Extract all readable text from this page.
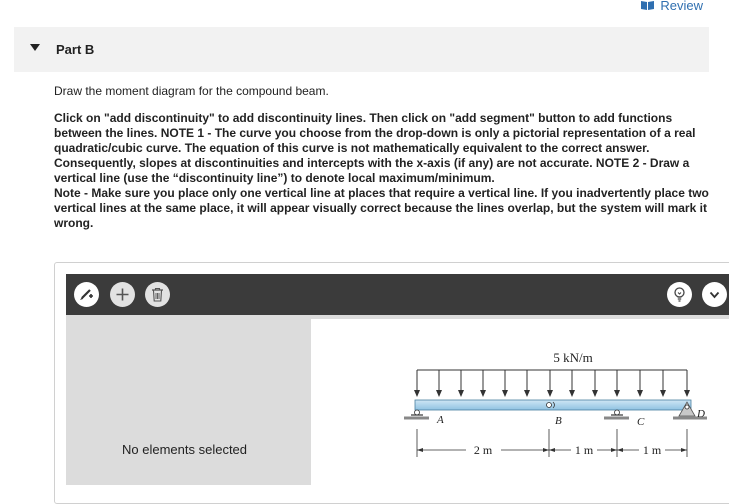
Review
Part B

Draw the moment diagram for the compound beam.

Click on "add discontinuity" to add discontinuity lines. Then click on "add segment" button to add functions between the lines. NOTE 1 - The curve you choose from the drop-down is only a pictorial representation of a real quadratic/cubic curve. The equation of this curve is not mathematically equivalent to the correct answer. Consequently, slopes at discontinuities and intercepts with the x-axis (if any) are not accurate. NOTE 2 - Draw a vertical line (use the “discontinuity line”) to denote local maximum/minimum.

Note - Make sure you place only one vertical line at places that require a vertical line. If you inadvertently place two vertical lines at the same place, it will appear visually correct because the lines overlap, but the system will mark it wrong.

No elements selected
5 kN/m
A	B	C
D
2 m	1 m	1 m
